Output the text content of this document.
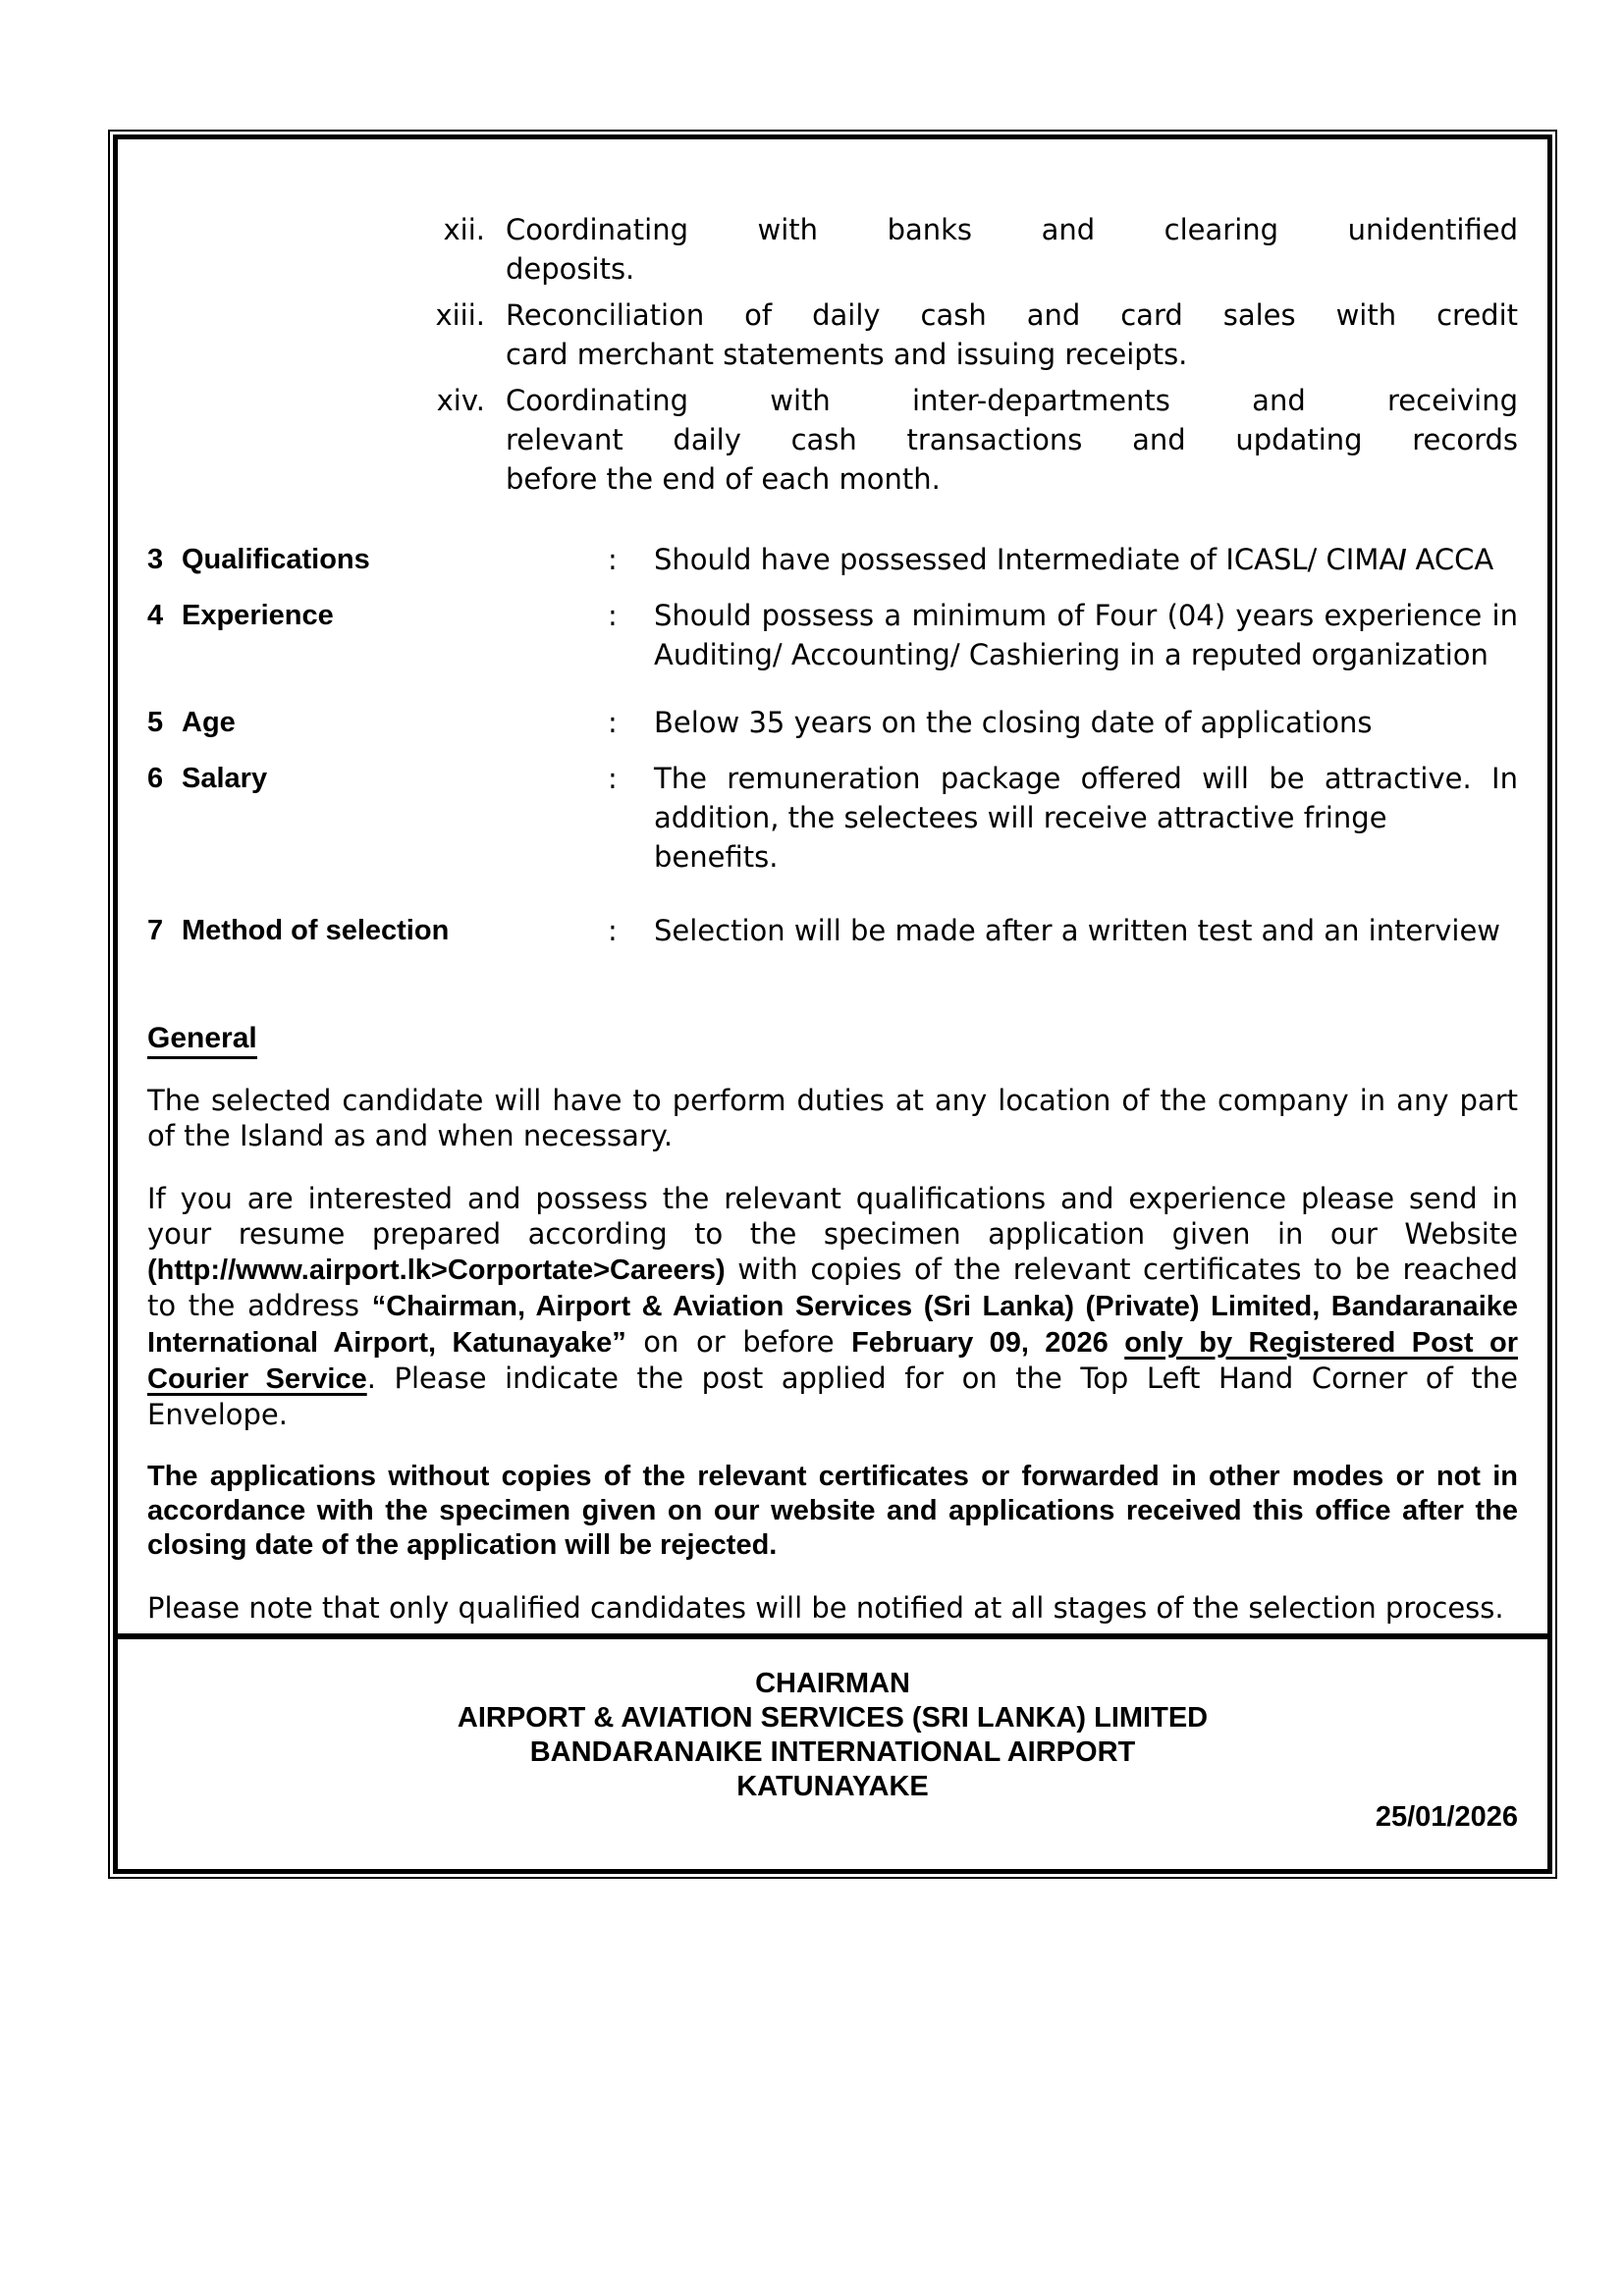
xii. Coordinating with banks and clearing unidentified
deposits.
xiii. Reconciliation of daily cash and card sales with credit
card merchant statements and issuing receipts.
xiv. Coordinating with inter-departments and receiving
relevant daily cash transactions and updating records
before the end of each month.
3 Qualifications	:	Should have possessed Intermediate of ICASL/ CIMA/ ACCA
4 Experience	:	Should possess a minimum of Four (04) years experience in
Auditing/ Accounting/ Cashiering in a reputed organization
5 Age	:	Below 35 years on the closing date of applications
6 Salary	:	The remuneration package offered will be attractive. In
addition, the selectees will receive attractive fringe benefits.
7 Method of selection	:	Selection will be made after a written test and an interview
General
The selected candidate will have to perform duties at any location of the company in any part of the Island as and when necessary.
If you are interested and possess the relevant qualifications and experience please send in your resume prepared according to the specimen application given in our Website (http://www.airport.lk>Corportate>Careers) with copies of the relevant certificates to be reached to the address “Chairman, Airport & Aviation Services (Sri Lanka) (Private) Limited, Bandaranaike International Airport, Katunayake” on or before February 09, 2026 only by Registered Post or Courier Service. Please indicate the post applied for on the Top Left Hand Corner of the Envelope.
The applications without copies of the relevant certificates or forwarded in other modes or not in accordance with the specimen given on our website and applications received this office after the closing date of the application will be rejected.
Please note that only qualified candidates will be notified at all stages of the selection process.
CHAIRMAN
AIRPORT & AVIATION SERVICES (SRI LANKA) LIMITED
BANDARANAIKE INTERNATIONAL AIRPORT
KATUNAYAKE
25/01/2026
